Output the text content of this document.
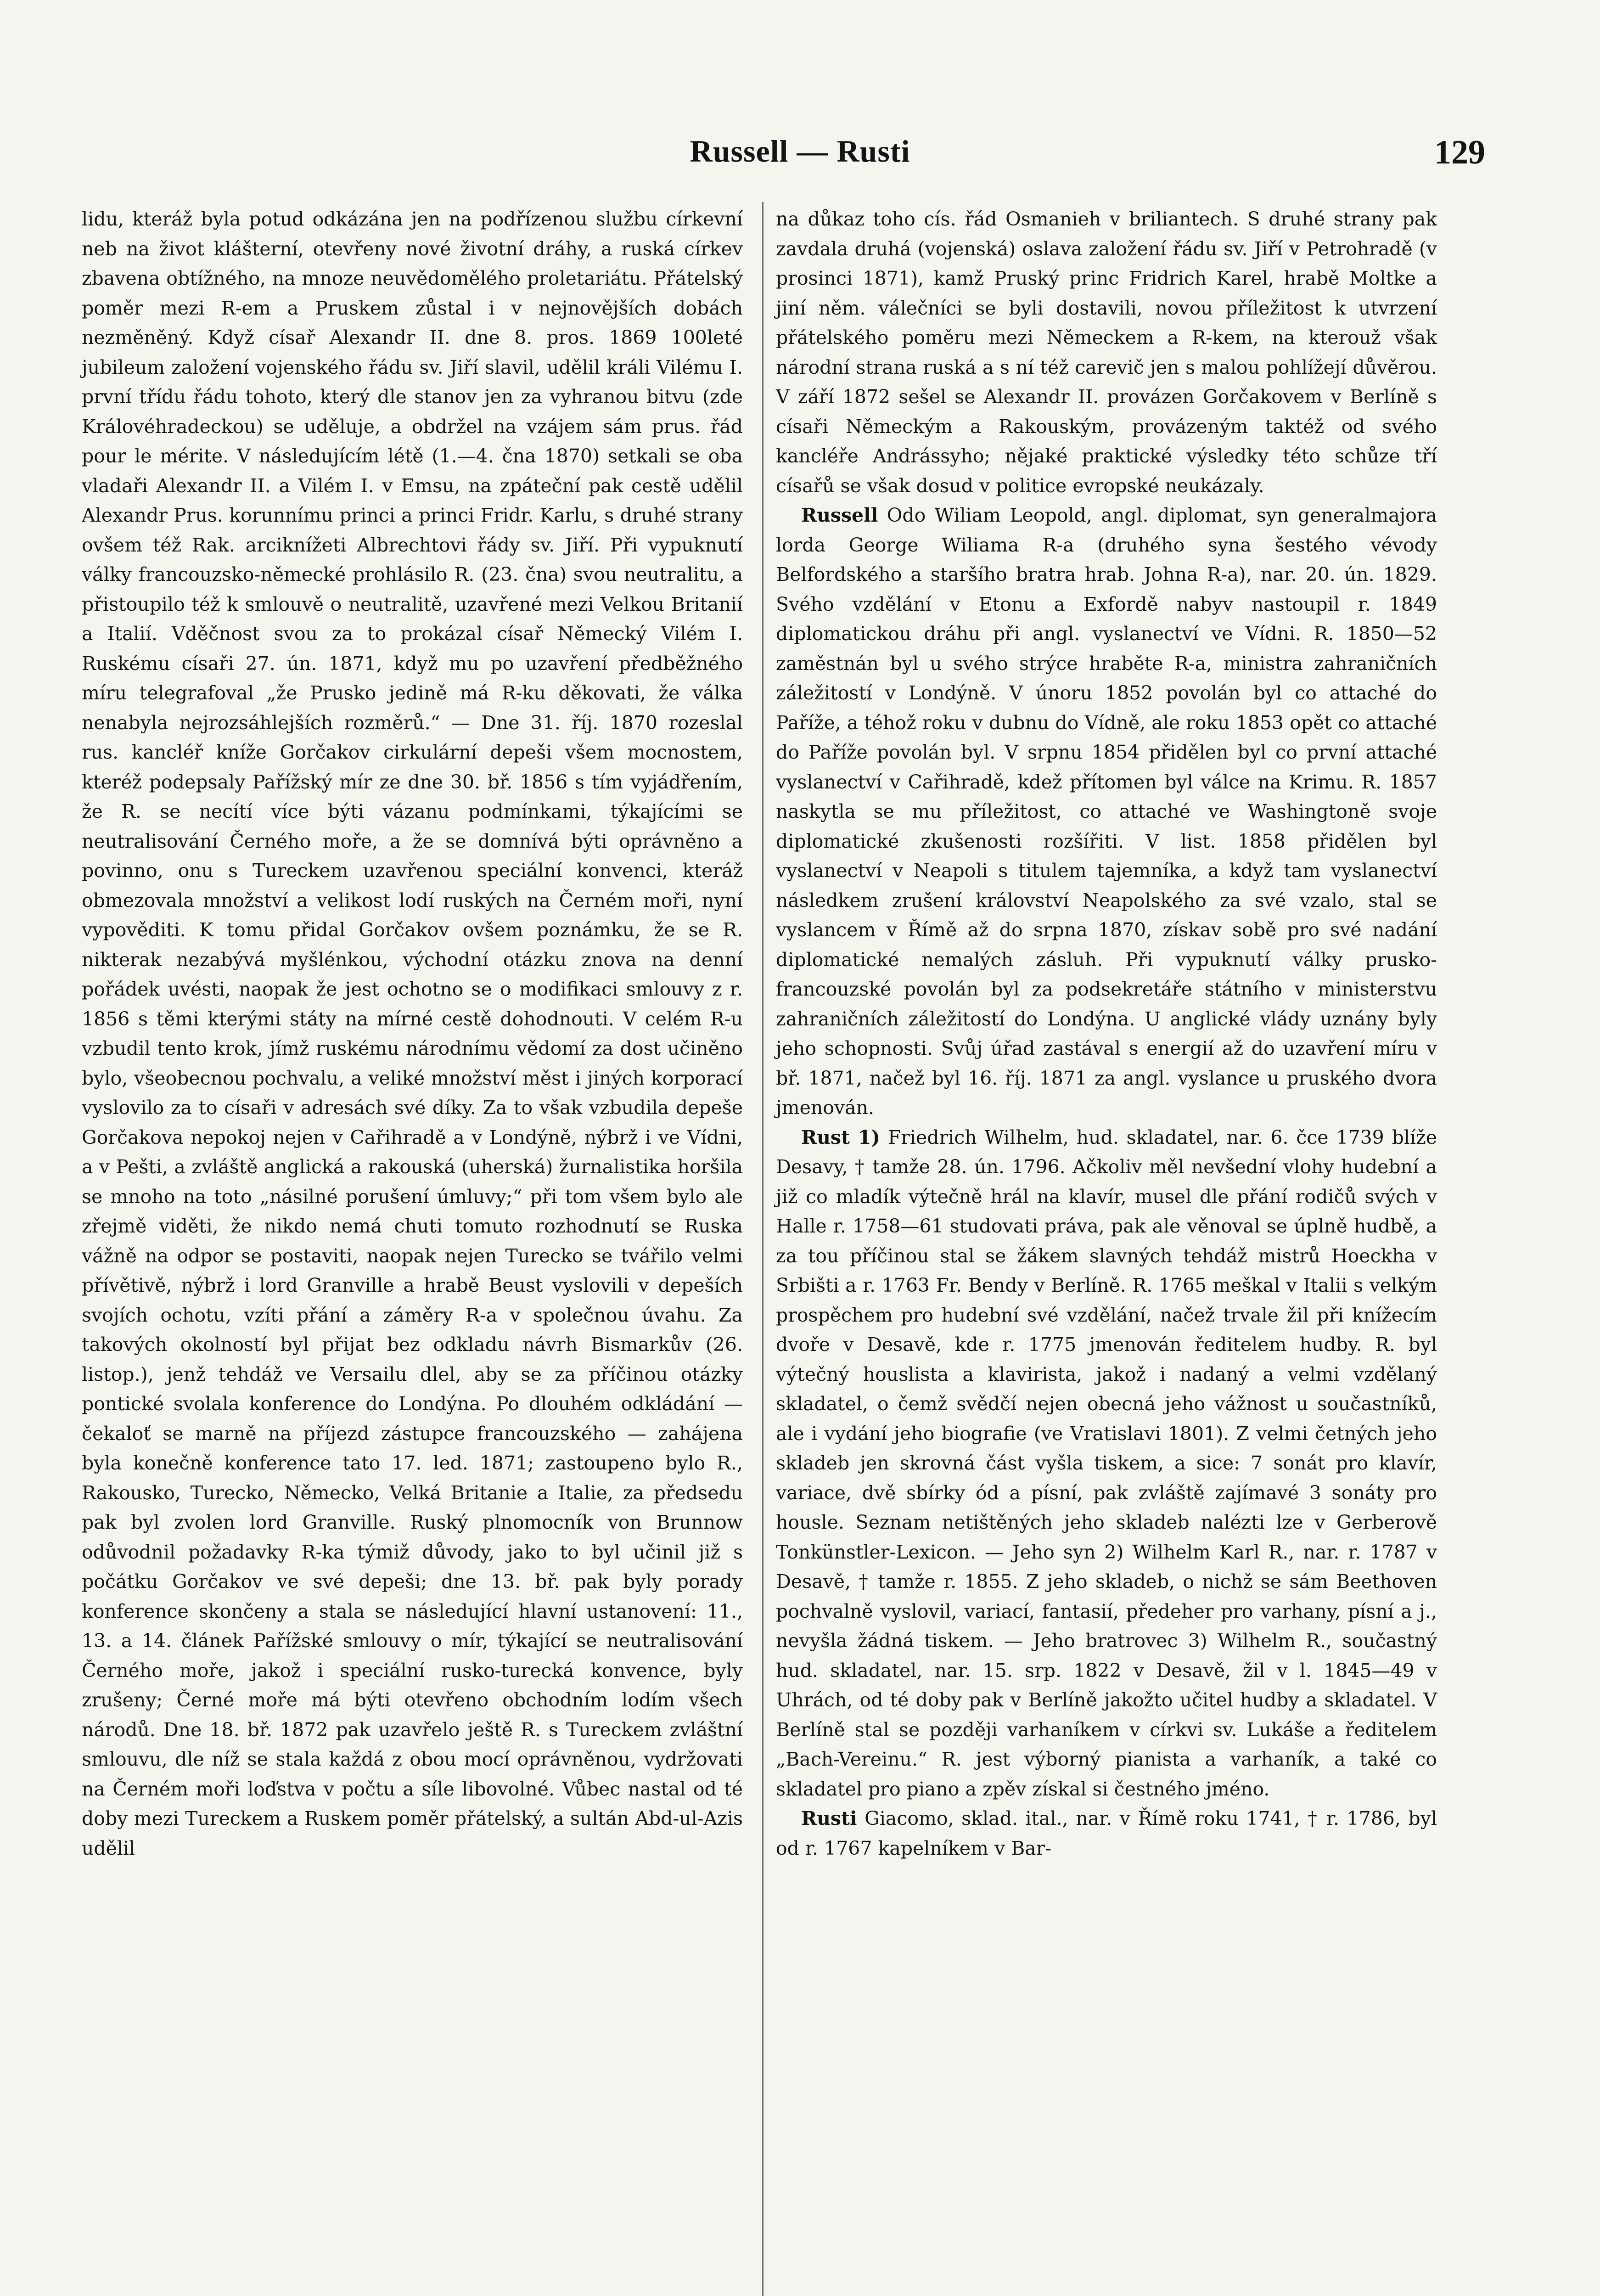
Russell — Rusti	129

lidu, kteráž byla potud odkázána jen na podřízenou službu církevní neb na život klášterní, otevřeny nové životní dráhy, a ruská církev zbavena obtížného, na mnoze neuvědomělého proletariátu. Přátelský poměr mezi R-em a Pruskem zůstal i v nejnovějších dobách nezměněný. Když císař Alexandr II. dne 8. pros. 1869 100leté jubileum založení vojenského řádu sv. Jiří slavil, udělil králi Vilému I. první třídu řádu tohoto, který dle stanov jen za vyhranou bitvu (zde Královéhradeckou) se uděluje, a obdržel na vzájem sám prus. řád pour le mérite. V následujícím létě (1.—4. čna 1870) setkali se oba vladaři Alexandr II. a Vilém I. v Emsu, na zpáteční pak cestě udělil Alexandr Prus. korunnímu princi a princi Fridr. Karlu, s druhé strany ovšem též Rak. arciknížeti Albrechtovi řády sv. Jiří. Při vypuknutí války francouzsko-německé prohlásilo R. (23. čna) svou neutralitu, a přistoupilo též k smlouvě o neutralitě, uzavřené mezi Velkou Britanií a Italií. Vděčnost svou za to prokázal císař Německý Vilém I. Ruskému císaři 27. ún. 1871, když mu po uzavření předběžného míru telegrafoval „že Prusko jedině má R-ku děkovati, že válka nenabyla nejrozsáhlejších rozměrů.“ — Dne 31. říj. 1870 rozeslal rus. kancléř kníže Gorčakov cirkulární depeši všem mocnostem, kteréž podepsaly Pařížský mír ze dne 30. bř. 1856 s tím vyjádřením, že R. se necítí více býti vázanu podmínkami, týkajícími se neutralisování Černého moře, a že se domnívá býti oprávněno a povinno, onu s Tureckem uzavřenou speciální konvenci, kteráž obmezovala množství a velikost lodí ruských na Černém moři, nyní vypověditi. K tomu přidal Gorčakov ovšem poznámku, že se R. nikterak nezabývá myšlénkou, východní otázku znova na denní pořádek uvésti, naopak že jest ochotno se o modifikaci smlouvy z r. 1856 s těmi kterými státy na mírné cestě dohodnouti. V celém R-u vzbudil tento krok, jímž ruskému národnímu vědomí za dost učiněno bylo, všeobecnou pochvalu, a veliké množství měst i jiných korporací vyslovilo za to císaři v adresách své díky. Za to však vzbudila depeše Gorčakova nepokoj nejen v Cařihradě a v Londýně, nýbrž i ve Vídni, a v Pešti, a zvláště anglická a rakouská (uherská) žurnalistika horšila se mnoho na toto „násilné porušení úmluvy;“ při tom všem bylo ale zřejmě viděti, že nikdo nemá chuti tomuto rozhodnutí se Ruska vážně na odpor se postaviti, naopak nejen Turecko se tvářilo velmi přívětivě, nýbrž i lord Granville a hrabě Beust vyslovili v depeších svojích ochotu, vzíti přání a záměry R-a v společnou úvahu. Za takových okolností byl přijat bez odkladu návrh Bismarkův (26. listop.), jenž tehdáž ve Versailu dlel, aby se za příčinou otázky pontické svolala konference do Londýna. Po dlouhém odkládání — čekaloť se marně na příjezd zástupce francouzského — zahájena byla konečně konference tato 17. led. 1871; zastoupeno bylo R., Rakousko, Turecko, Německo, Velká Britanie a Italie, za předsedu pak byl zvolen lord Granville. Ruský plnomocník von Brunnow odůvodnil požadavky R-ka týmiž důvody, jako to byl učinil již s počátku Gorčakov ve své depeši; dne 13. bř. pak byly porady konference skončeny a stala se následující hlavní ustanovení: 11., 13. a 14. článek Pařížské smlouvy o mír, týkající se neutralisování Černého moře, jakož i speciální rusko-turecká konvence, byly zrušeny; Černé moře má býti otevřeno obchodním lodím všech národů. Dne 18. bř. 1872 pak uzavřelo ještě R. s Tureckem zvláštní smlouvu, dle níž se stala každá z obou mocí oprávněnou, vydržovati na Černém moři loďstva v počtu a síle libovolné. Vůbec nastal od té doby mezi Tureckem a Ruskem poměr přátelský, a sultán Abd-ul-Azis udělil

na důkaz toho cís. řád Osmanieh v briliantech. S druhé strany pak zavdala druhá (vojenská) oslava založení řádu sv. Jiří v Petrohradě (v prosinci 1871), kamž Pruský princ Fridrich Karel, hrabě Moltke a jiní něm. válečníci se byli dostavili, novou příležitost k utvrzení přátelského poměru mezi Německem a R-kem, na kterouž však národní strana ruská a s ní též carevič jen s malou pohlížejí důvěrou. V září 1872 sešel se Alexandr II. provázen Gorčakovem v Berlíně s císaři Německým a Rakouským, provázeným taktéž od svého kancléře Andrássyho; nějaké praktické výsledky této schůze tří císařů se však dosud v politice evropské neukázaly.

Russell Odo Wiliam Leopold, angl. diplomat, syn generalmajora lorda George Wiliama R-a (druhého syna šestého vévody Belfordského a staršího bratra hrab. Johna R-a), nar. 20. ún. 1829. Svého vzdělání v Etonu a Exfordě nabyv nastoupil r. 1849 diplomatickou dráhu při angl. vyslanectví ve Vídni. R. 1850—52 zaměstnán byl u svého strýce hraběte R-a, ministra zahraničních záležitostí v Londýně. V únoru 1852 povolán byl co attaché do Paříže, a téhož roku v dubnu do Vídně, ale roku 1853 opět co attaché do Paříže povolán byl. V srpnu 1854 přidělen byl co první attaché vyslanectví v Cařihradě, kdež přítomen byl válce na Krimu. R. 1857 naskytla se mu příležitost, co attaché ve Washingtoně svoje diplomatické zkušenosti rozšířiti. V list. 1858 přidělen byl vyslanectví v Neapoli s titulem tajemníka, a když tam vyslanectví následkem zrušení království Neapolského za své vzalo, stal se vyslancem v Římě až do srpna 1870, získav sobě pro své nadání diplomatické nemalých zásluh. Při vypuknutí války prusko-francouzské povolán byl za podsekretáře státního v ministerstvu zahraničních záležitostí do Londýna. U anglické vlády uznány byly jeho schopnosti. Svůj úřad zastával s energií až do uzavření míru v bř. 1871, načež byl 16. říj. 1871 za angl. vyslance u pruského dvora jmenován.

Rust 1) Friedrich Wilhelm, hud. skladatel, nar. 6. čce 1739 blíže Desavy, † tamže 28. ún. 1796. Ačkoliv měl nevšední vlohy hudební a již co mladík výtečně hrál na klavír, musel dle přání rodičů svých v Halle r. 1758—61 studovati práva, pak ale věnoval se úplně hudbě, a za tou příčinou stal se žákem slavných tehdáž mistrů Hoeckha v Srbišti a r. 1763 Fr. Bendy v Berlíně. R. 1765 meškal v Italii s velkým prospěchem pro hudební své vzdělání, načež trvale žil při knížecím dvoře v Desavě, kde r. 1775 jmenován ředitelem hudby. R. byl výtečný houslista a klavirista, jakož i nadaný a velmi vzdělaný skladatel, o čemž svědčí nejen obecná jeho vážnost u součastníků, ale i vydání jeho biografie (ve Vratislavi 1801). Z velmi četných jeho skladeb jen skrovná část vyšla tiskem, a sice: 7 sonát pro klavír, variace, dvě sbírky ód a písní, pak zvláště zajímavé 3 sonáty pro housle. Seznam netištěných jeho skladeb nalézti lze v Gerberově Tonkünstler-Lexicon. — Jeho syn 2) Wilhelm Karl R., nar. r. 1787 v Desavě, † tamže r. 1855. Z jeho skladeb, o nichž se sám Beethoven pochvalně vyslovil, variací, fantasií, předeher pro varhany, písní a j., nevyšla žádná tiskem. — Jeho bratrovec 3) Wilhelm R., součastný hud. skladatel, nar. 15. srp. 1822 v Desavě, žil v l. 1845—49 v Uhrách, od té doby pak v Berlíně jakožto učitel hudby a skladatel. V Berlíně stal se později varhaníkem v církvi sv. Lukáše a ředitelem „Bach-Vereinu.“ R. jest výborný pianista a varhaník, a také co skladatel pro piano a zpěv získal si čestného jméno.

Rusti Giacomo, sklad. ital., nar. v Římě roku 1741, † r. 1786, byl od r. 1767 kapelníkem v Bar-
